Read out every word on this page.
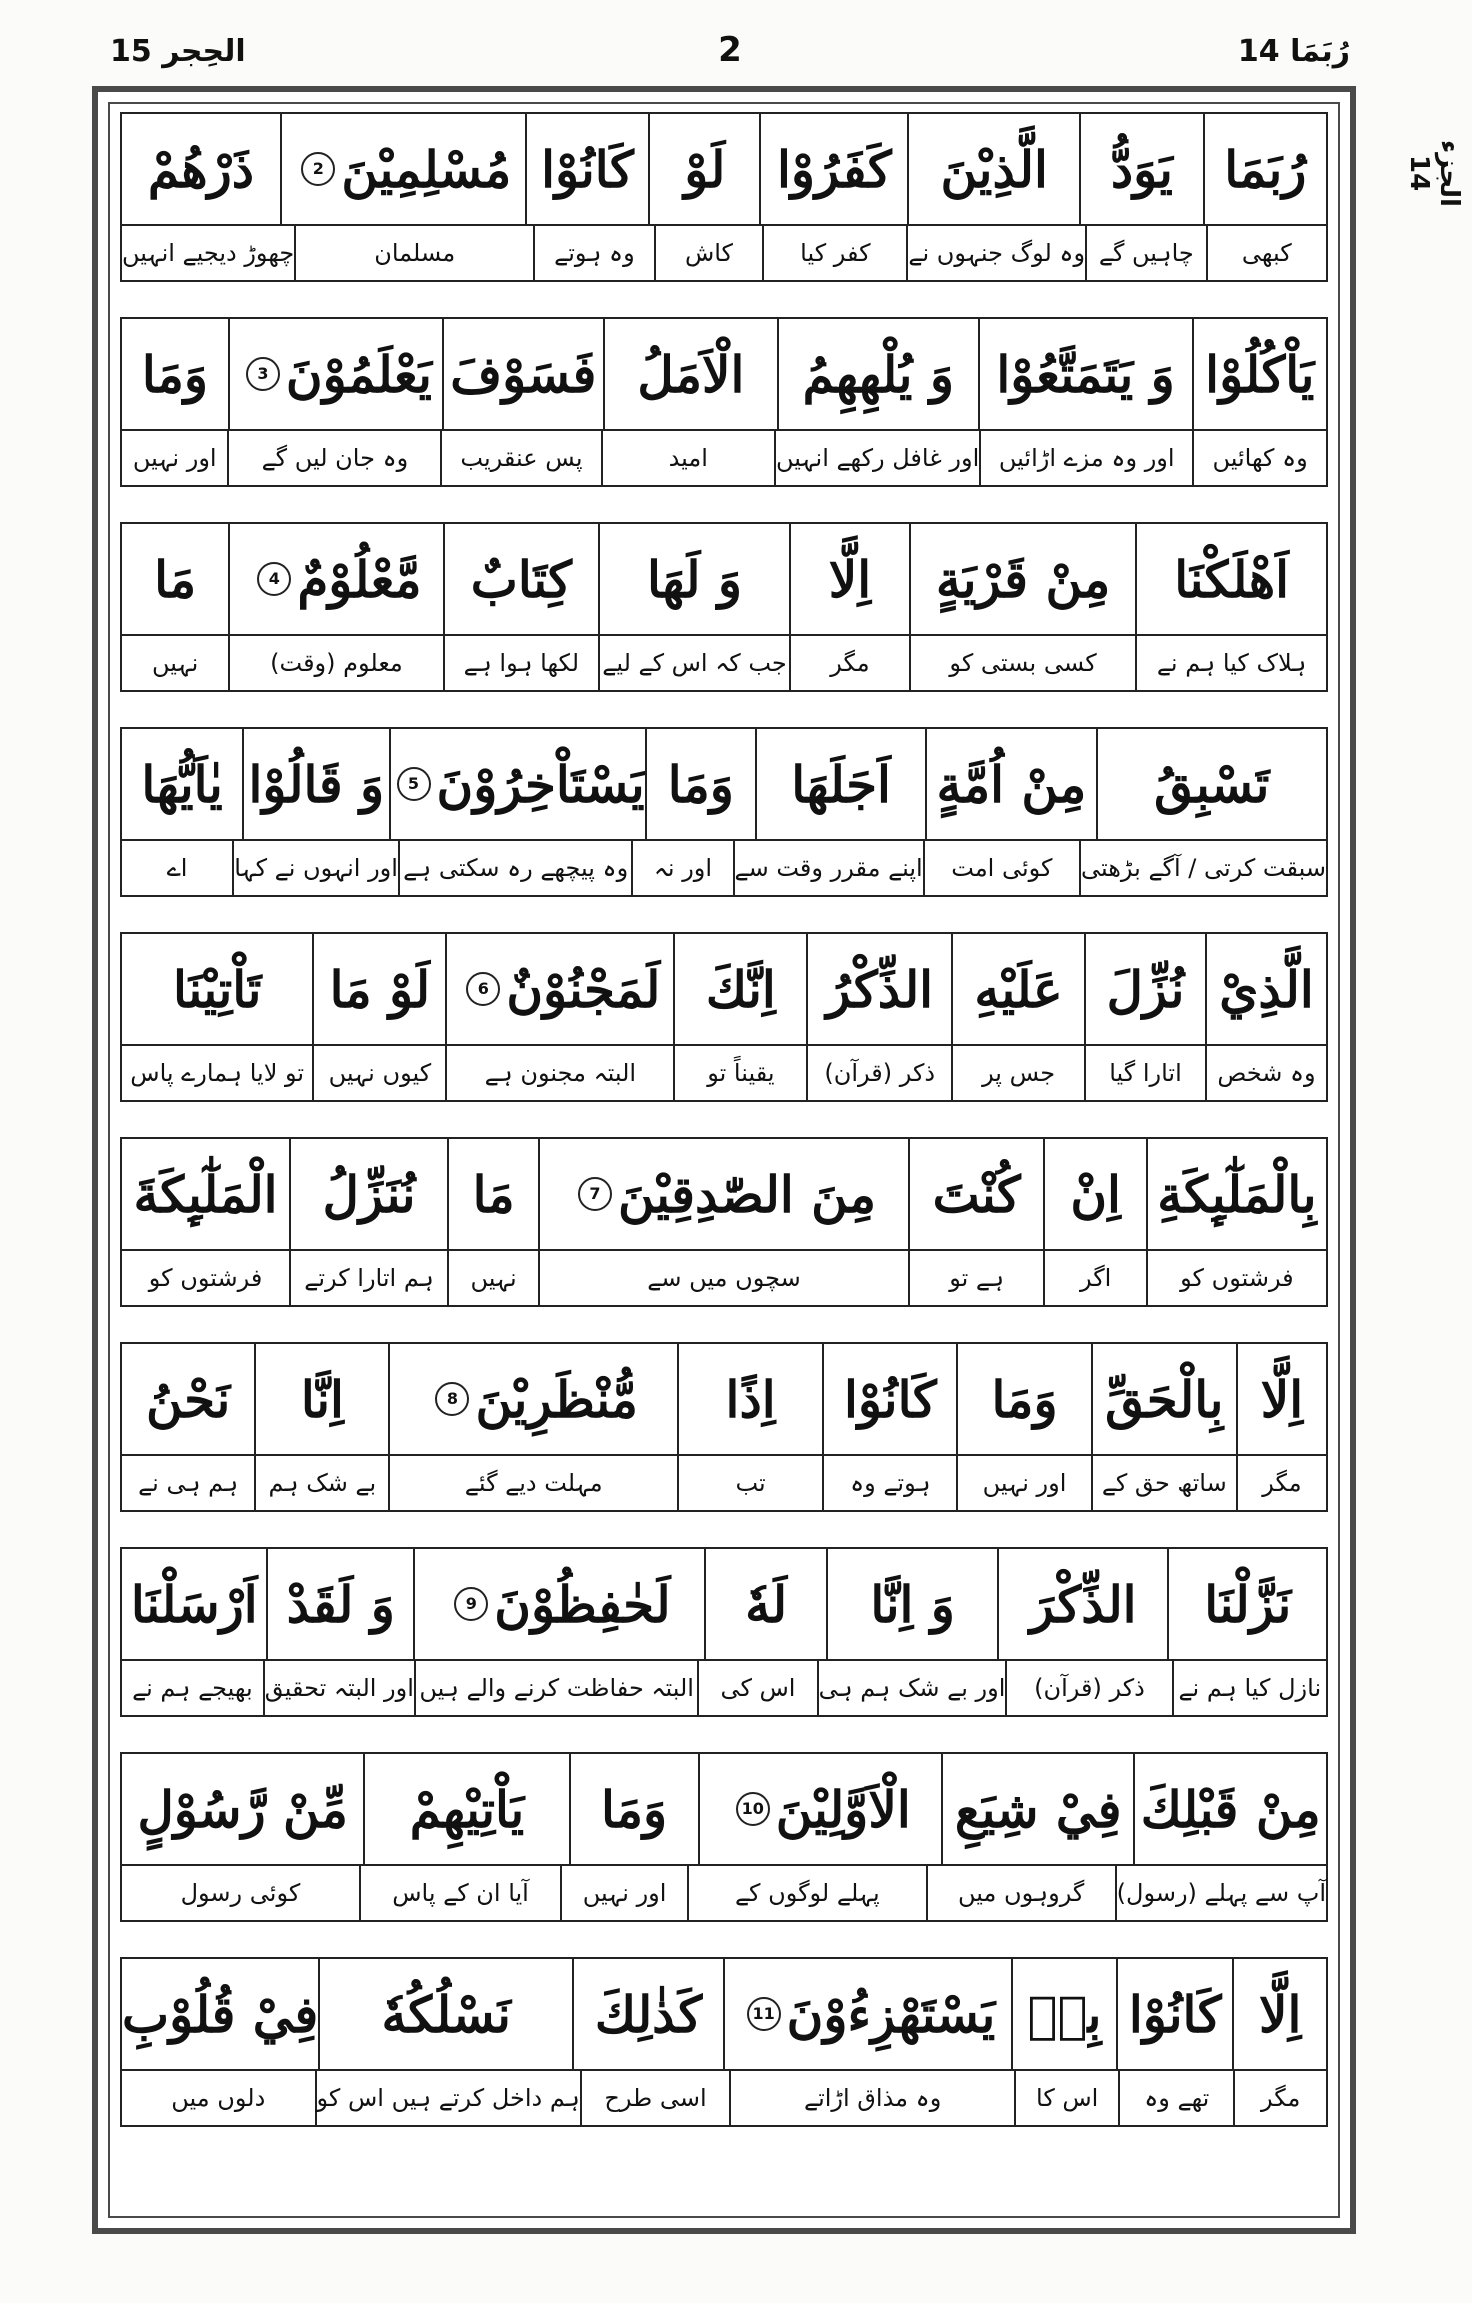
الحِجر 15	2	رُبَمَا 14
الجزء 14
رُبَمَا
يَوَدُّ
الَّذِيْنَ
كَفَرُوْا
لَوْ
كَانُوْا
مُسْلِمِيْنَ
2
ذَرْهُمْ
کبھی
چاہیں گے
وہ لوگ جنہوں نے
کفر کیا
کاش
وہ ہوتے
مسلمان
چھوڑ دیجیے انہیں
يَاْكُلُوْا
وَ يَتَمَتَّعُوْا
وَ يُلْهِهِمُ
الْاَمَلُ
فَسَوْفَ
يَعْلَمُوْنَ
3
وَمَا
وہ کھائیں
اور وہ مزے اڑائیں
اور غافل رکھے انہیں
امید
پس عنقریب
وہ جان لیں گے
اور نہیں
اَهْلَكْنَا
مِنْ قَرْيَةٍ
اِلَّا
وَ لَهَا
كِتَابٌ
مَّعْلُوْمٌ
4
مَا
ہلاک کیا ہم نے
کسی بستی کو
مگر
جب کہ اس کے لیے
لکھا ہوا ہے
معلوم (وقت)
نہیں
تَسْبِقُ
مِنْ اُمَّةٍ
اَجَلَهَا
وَمَا
يَسْتَاْخِرُوْنَ
5
وَ قَالُوْا
يٰاَيُّهَا
سبقت کرتی / آگے بڑھتی
کوئی امت
اپنے مقرر وقت سے
اور نہ
وہ پیچھے رہ سکتی ہے
اور انہوں نے کہا
اے
الَّذِيْ
نُزِّلَ
عَلَيْهِ
الذِّكْرُ
اِنَّكَ
لَمَجْنُوْنٌ
6
لَوْ مَا
تَاْتِيْنَا
وہ شخص
اتارا گیا
جس پر
ذکر (قرآن)
یقیناً تو
البتہ مجنون ہے
کیوں نہیں
تو لایا ہمارے پاس
بِالْمَلٰٓىِٕكَةِ
اِنْ
كُنْتَ
مِنَ الصّٰدِقِيْنَ
7
مَا
نُنَزِّلُ
الْمَلٰٓىِٕكَةَ
فرشتوں کو
اگر
ہے تو
سچوں میں سے
نہیں
ہم اتارا کرتے
فرشتوں کو
اِلَّا
بِالْحَقِّ
وَمَا
كَانُوْا
اِذًا
مُّنْظَرِيْنَ
8
اِنَّا
نَحْنُ
مگر
ساتھ حق کے
اور نہیں
ہوتے وہ
تب
مہلت دیے گئے
بے شک ہم
ہم ہی نے
نَزَّلْنَا
الذِّكْرَ
وَ اِنَّا
لَهٗ
لَحٰفِظُوْنَ
9
وَ لَقَدْ
اَرْسَلْنَا
نازل کیا ہم نے
ذکر (قرآن)
اور بے شک ہم ہی
اس کی
البتہ حفاظت کرنے والے ہیں
اور البتہ تحقیق
بھیجے ہم نے
مِنْ قَبْلِكَ
فِيْ شِيَعِ
الْاَوَّلِيْنَ
10
وَمَا
يَاْتِيْهِمْ
مِّنْ رَّسُوْلٍ
آپ سے پہلے (رسول)
گروہوں میں
پہلے لوگوں کے
اور نہیں
آیا ان کے پاس
کوئی رسول
اِلَّا
كَانُوْا
بِهٖ
يَسْتَهْزِءُوْنَ
11
كَذٰلِكَ
نَسْلُكُهٗ
فِيْ قُلُوْبِ
مگر
تھے وہ
اس کا
وہ مذاق اڑاتے
اسی طرح
ہم داخل کرتے ہیں اس کو
دلوں میں
